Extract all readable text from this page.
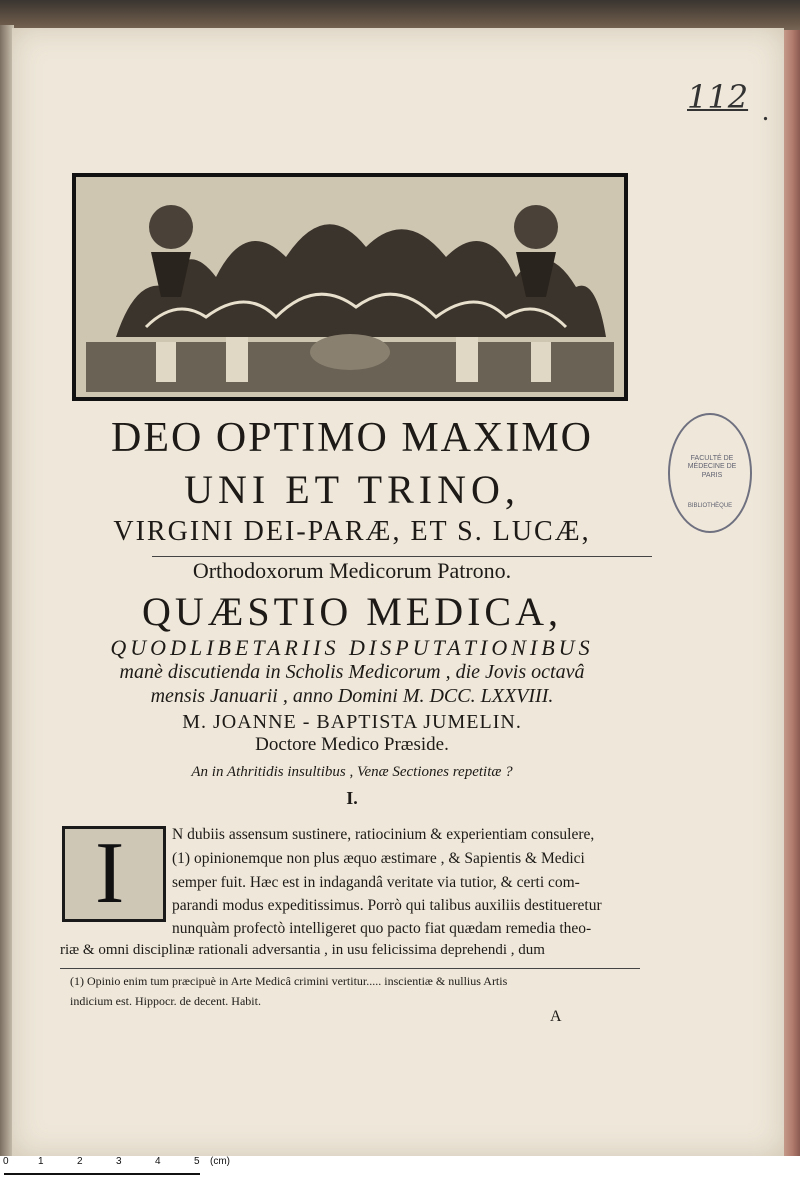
112 .
FACULTÉ DE MÉDECINE DE PARIS
BIBLIOTHÈQUE
DEO OPTIMO MAXIMO
UNI ET TRINO,
VIRGINI DEI-PARÆ, ET S. LUCÆ,
Orthodoxorum Medicorum Patrono.
QUÆSTIO MEDICA,
QUODLIBETARIIS DISPUTATIONIBUS
manè discutienda in Scholis Medicorum , die Jovis octavâ
mensis Januarii , anno Domini M. DCC. LXXVIII.
M. JOANNE - BAPTISTA JUMELIN.
Doctore Medico Præside.
An in Athritidis insultibus , Venæ Sectiones repetitæ ?
I.
I	N dubiis assensum sustinere, ratiocinium & experientiam consulere,
(1) opinionemque non plus æquo æstimare , & Sapientis & Medici
semper fuit. Hæc est in indagandâ veritate via tutior, & certi com-
parandi modus expeditissimus. Porrò qui talibus auxiliis destitueretur
nunquàm profectò intelligeret quo pacto fiat quædam remedia theo-
riæ & omni disciplinæ rationali adversantia , in usu felicissima deprehendi , dum
(1) Opinio enim tum præcipuè in Arte Medicâ crimini vertitur..... inscientiæ & nullius Artis
indicium est. Hippocr. de decent. Habit.
A
0	1	2	3	4	5 (cm)
